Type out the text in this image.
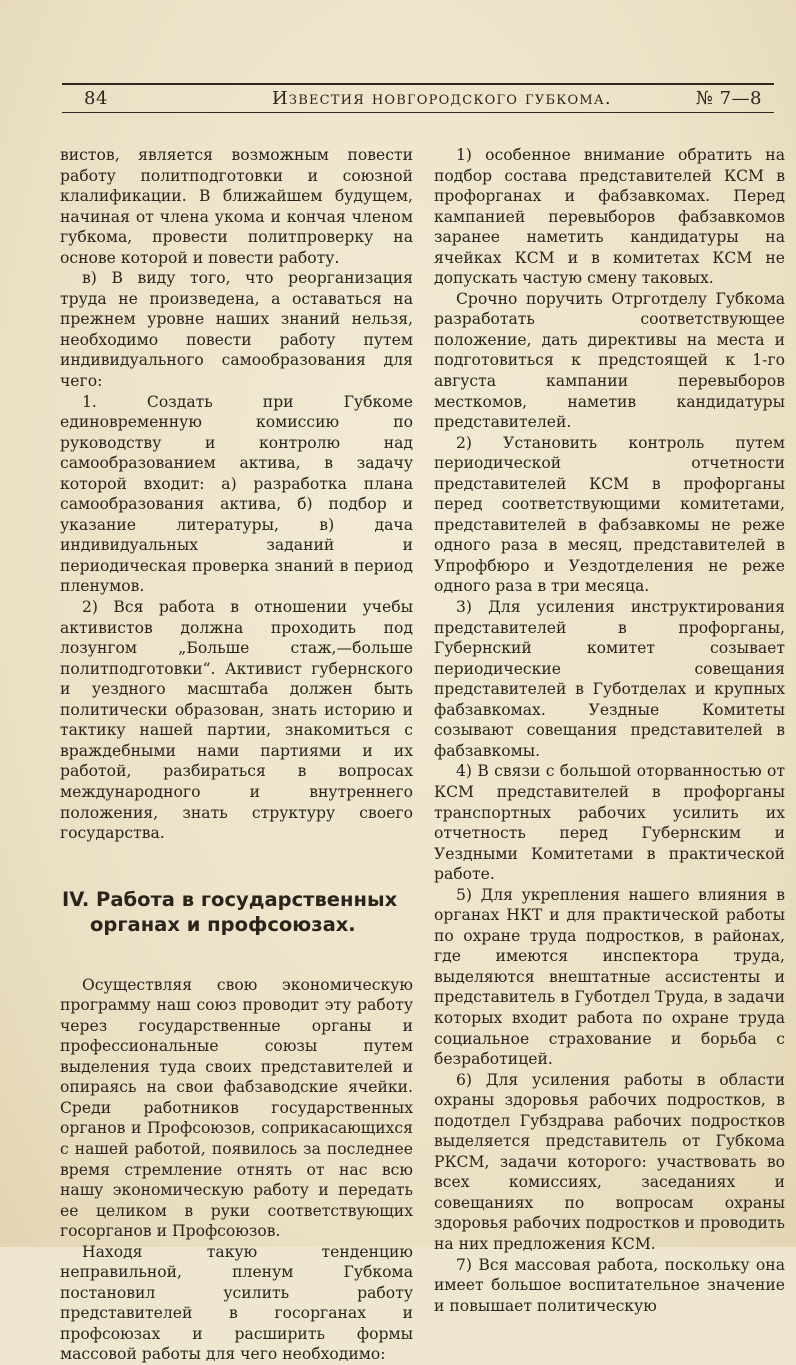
84	Известия новгородского губкома.	№ 7—8

вистов, является возможным повести работу политподготовки и союзной клалификации. В ближайшем будущем, начиная от члена укома и кончая членом губкома, провести политпроверку на основе которой и повести работу.

в) В виду того, что реорганизация труда не произведена, а оставаться на прежнем уровне наших знаний нельзя, необходимо повести работу путем индивидуального самообразования для чего:

1. Создать при Губкоме единовременную комиссию по руководству и контролю над самообразованием актива, в задачу которой входит: а) разработка плана самообразования актива, б) подбор и указание литературы, в) дача индивидуальных заданий и периодическая проверка знаний в период пленумов.

2) Вся работа в отношении учебы активистов должна проходить под лозунгом „Больше стаж,—больше политподготовки“. Активист губернского и уездного масштаба должен быть политически образован, знать историю и тактику нашей партии, знакомиться с враждебными нами партиями и их работой, разбираться в вопросах международного и внутреннего положения, знать структуру своего государства.

IV. Работа в государственных
органах и профсоюзах.

Осуществляя свою экономическую программу наш союз проводит эту работу через государственные органы и профессиональные союзы путем выделения туда своих представителей и опираясь на свои фабзаводские ячейки. Среди работников государственных органов и Профсоюзов, соприкасающихся с нашей работой, появилось за последнее время стремление отнять от нас всю нашу экономическую работу и передать ее целиком в руки соответствующих госорганов и Профсоюзов.

Находя такую тенденцию неправильной, пленум Губкома постановил усилить работу представителей в госорганах и профсоюзах и расширить формы массовой работы для чего необходимо:

1) особенное внимание обратить на подбор состава представителей КСМ в профорганах и фабзавкомах. Перед кампанией перевыборов фабзавкомов заранее наметить кандидатуры на ячейках КСМ и в комитетах КСМ не допускать частую смену таковых.

Срочно поручить Отрготделу Губкома разработать соответствующее положение, дать директивы на места и подготовиться к предстоящей к 1-го августа кампании перевыборов месткомов, наметив кандидатуры представителей.

2) Установить контроль путем периодической отчетности представителей КСМ в профорганы перед соответствующими комитетами, представителей в фабзавкомы не реже одного раза в месяц, представителей в Упрофбюро и Уездотделения не реже одного раза в три месяца.

3) Для усиления инструктирования представителей в профорганы, Губернский комитет созывает периодические совещания представителей в Губотделах и крупных фабзавкомах. Уездные Комитеты созывают совещания представителей в фабзавкомы.

4) В связи с большой оторванностью от КСМ представителей в профорганы транспортных рабочих усилить их отчетность перед Губернским и Уездными Комитетами в практической работе.

5) Для укрепления нашего влияния в органах НКТ и для практической работы по охране труда подростков, в районах, где имеются инспектора труда, выделяются внештатные ассистенты и представитель в Губотдел Труда, в задачи которых входит работа по охране труда социальное страхование и борьба с безработицей.

6) Для усиления работы в области охраны здоровья рабочих подростков, в подотдел Губздрава рабочих подростков выделяется представитель от Губкома РКСМ, задачи которого: участвовать во всех комиссиях, заседаниях и совещаниях по вопросам охраны здоровья рабочих подростков и проводить на них предложения КСМ.

7) Вся массовая работа, поскольку она имеет большое воспитательное значение и повышает политическую
